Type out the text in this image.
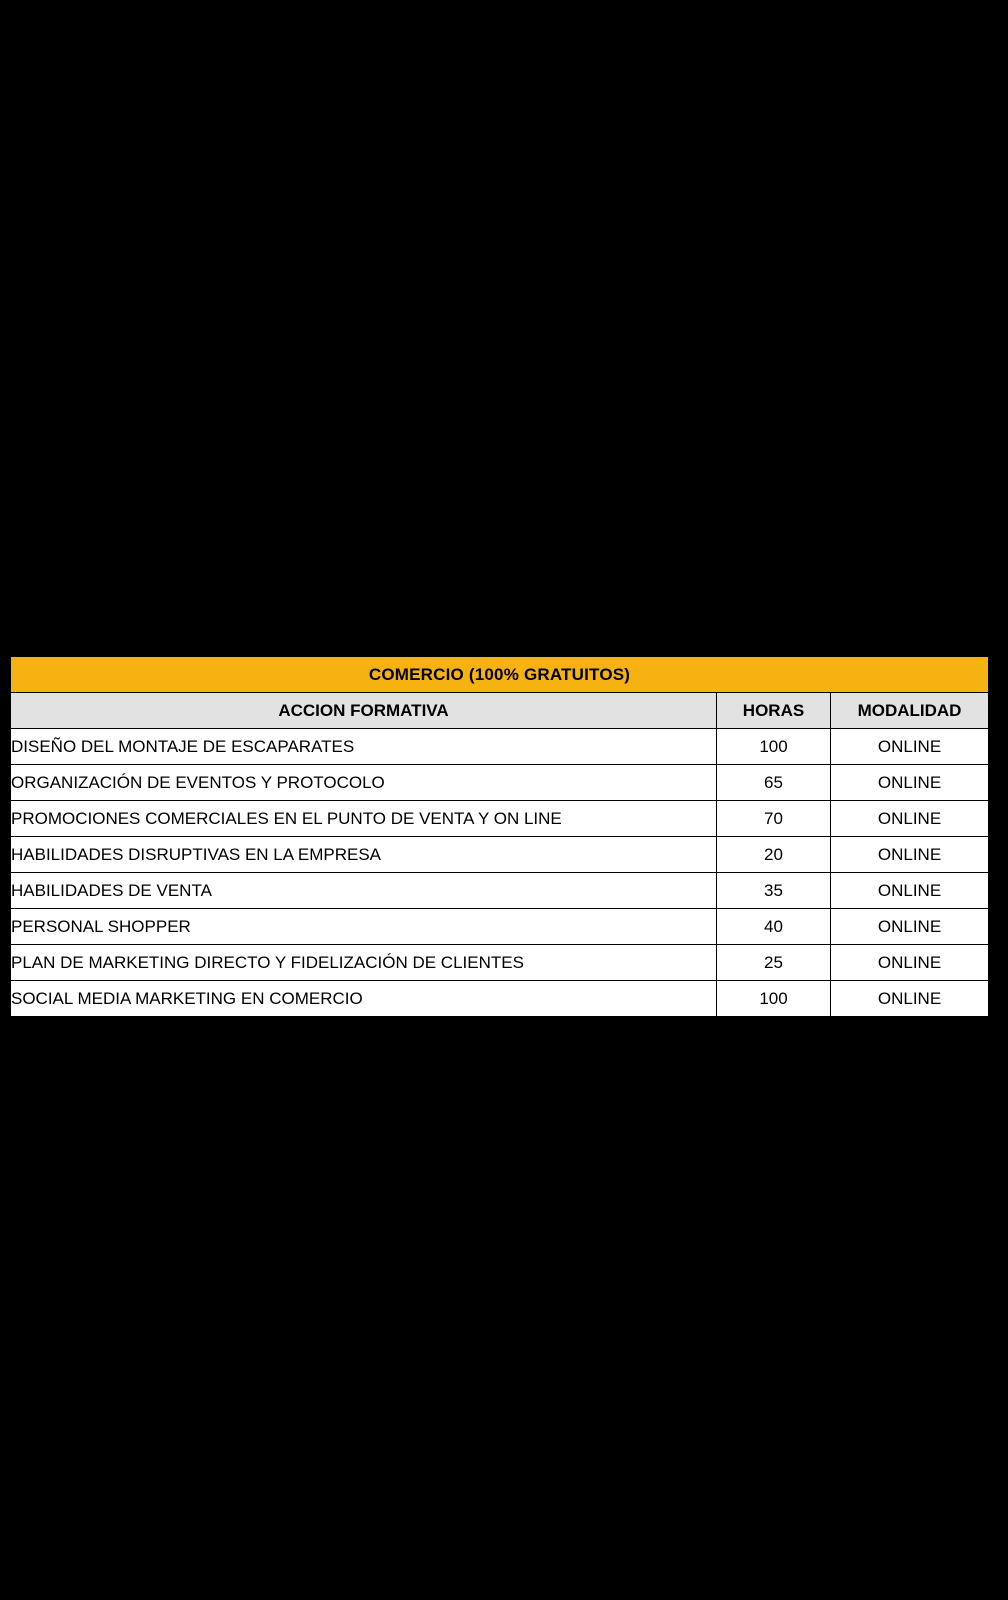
COMERCIO (100% GRATUITOS)		
ACCION FORMATIVA	HORAS	MODALIDAD
DISEÑO DEL MONTAJE DE ESCAPARATES	100	ONLINE
ORGANIZACIÓN DE EVENTOS Y PROTOCOLO	65	ONLINE
PROMOCIONES COMERCIALES EN EL PUNTO DE VENTA Y ON LINE	70	ONLINE
HABILIDADES DISRUPTIVAS EN LA EMPRESA	20	ONLINE
HABILIDADES DE VENTA	35	ONLINE
PERSONAL SHOPPER	40	ONLINE
PLAN DE MARKETING DIRECTO Y FIDELIZACIÓN DE CLIENTES	25	ONLINE
SOCIAL MEDIA MARKETING EN COMERCIO	100	ONLINE
